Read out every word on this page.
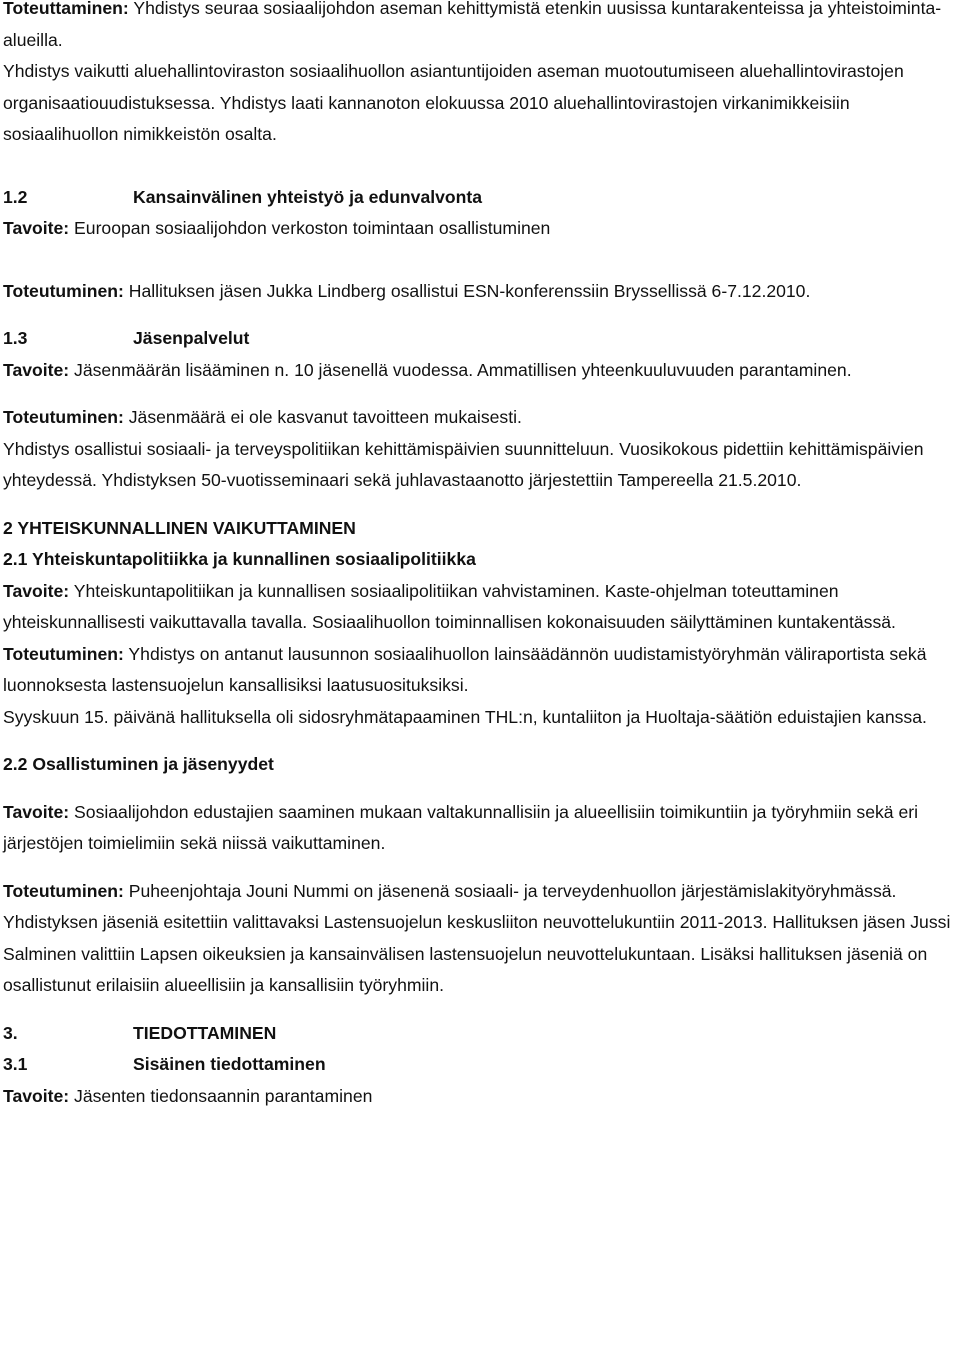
Toteuttaminen: Yhdistys seuraa sosiaalijohdon aseman kehittymistä etenkin uusissa kuntarakenteissa ja yhteistoiminta-alueilla.

Yhdistys vaikutti aluehallintoviraston sosiaalihuollon asiantuntijoiden aseman muotoutumiseen aluehallintovirastojen organisaatiouudistuksessa. Yhdistys laati kannanoton elokuussa 2010 aluehallintovirastojen virkanimikkeisiin sosiaalihuollon nimikkeistön osalta.

1.2	Kansainvälinen yhteistyö ja edunvalvonta

Tavoite: Euroopan sosiaalijohdon verkoston toimintaan osallistuminen

Toteutuminen: Hallituksen jäsen Jukka Lindberg osallistui ESN-konferenssiin Bryssellissä 6-7.12.2010.

1.3	Jäsenpalvelut

Tavoite: Jäsenmäärän lisääminen n. 10 jäsenellä vuodessa. Ammatillisen yhteenkuuluvuuden parantaminen.

Toteutuminen: Jäsenmäärä ei ole kasvanut tavoitteen mukaisesti.

Yhdistys osallistui sosiaali- ja terveyspolitiikan kehittämispäivien suunnitteluun. Vuosikokous pidettiin kehittämispäivien yhteydessä. Yhdistyksen 50-vuotisseminaari sekä juhlavastaanotto järjestettiin Tampereella 21.5.2010.

2 YHTEISKUNNALLINEN VAIKUTTAMINEN

2.1 Yhteiskuntapolitiikka ja kunnallinen sosiaalipolitiikka

Tavoite: Yhteiskuntapolitiikan ja kunnallisen sosiaalipolitiikan vahvistaminen. Kaste-ohjelman toteuttaminen yhteiskunnallisesti vaikuttavalla tavalla. Sosiaalihuollon toiminnallisen kokonaisuuden säilyttäminen kuntakentässä.

Toteutuminen: Yhdistys on antanut lausunnon sosiaalihuollon lainsäädännön uudistamistyöryhmän väliraportista sekä luonnoksesta lastensuojelun kansallisiksi laatusuosituksiksi.

Syyskuun 15. päivänä hallituksella oli sidosryhmätapaaminen THL:n, kuntaliiton ja Huoltaja-säätiön eduistajien kanssa.

2.2 Osallistuminen ja jäsenyydet

Tavoite: Sosiaalijohdon edustajien saaminen mukaan valtakunnallisiin ja alueellisiin toimikuntiin ja työryhmiin sekä eri järjestöjen toimielimiin sekä niissä vaikuttaminen.

Toteutuminen: Puheenjohtaja Jouni Nummi on jäsenenä sosiaali- ja terveydenhuollon järjestämislakityöryhmässä. Yhdistyksen jäseniä esitettiin valittavaksi Lastensuojelun keskusliiton neuvottelukuntiin 2011-2013. Hallituksen jäsen Jussi Salminen valittiin Lapsen oikeuksien ja kansainvälisen lastensuojelun neuvottelukuntaan. Lisäksi hallituksen jäseniä on osallistunut erilaisiin alueellisiin ja kansallisiin työryhmiin.

3.	TIEDOTTAMINEN

3.1	Sisäinen tiedottaminen

Tavoite: Jäsenten tiedonsaannin parantaminen
